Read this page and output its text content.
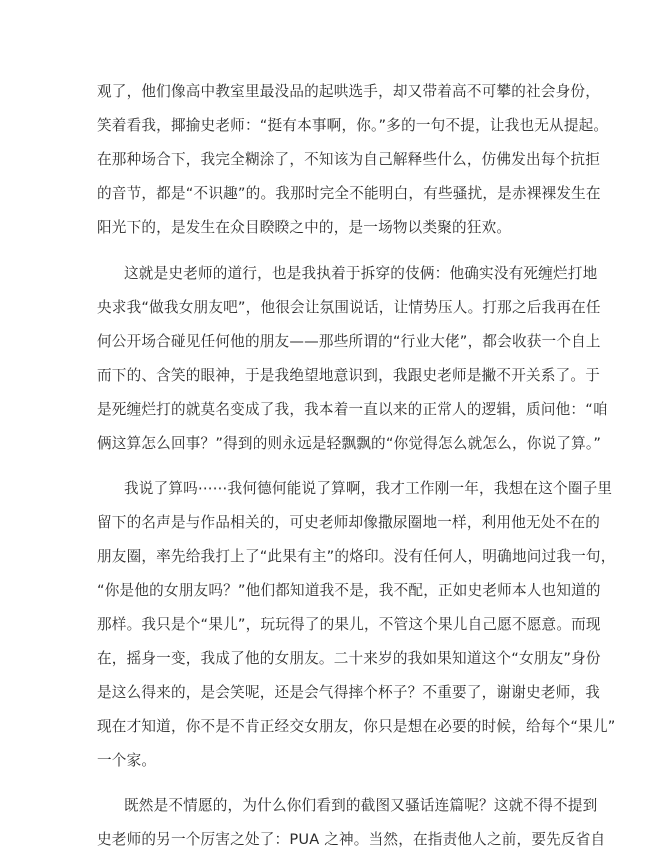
观了，他们像高中教室里最没品的起哄选手，却又带着高不可攀的社会身份，
笑着看我，揶揄史老师：“挺有本事啊，你。”多的一句不提，让我也无从提起。
在那种场合下，我完全糊涂了，不知该为自己解释些什么，仿佛发出每个抗拒
的音节，都是“不识趣”的。我那时完全不能明白，有些骚扰，是赤裸裸发生在
阳光下的，是发生在众目睽睽之中的，是一场物以类聚的狂欢。
这就是史老师的道行，也是我执着于拆穿的伎俩：他确实没有死缠烂打地
央求我“做我女朋友吧”，他很会让氛围说话，让情势压人。打那之后我再在任
何公开场合碰见任何他的朋友——那些所谓的“行业大佬”，都会收获一个自上
而下的、含笑的眼神，于是我绝望地意识到，我跟史老师是撇不开关系了。于
是死缠烂打的就莫名变成了我，我本着一直以来的正常人的逻辑，质问他：“咱
俩这算怎么回事？”得到的则永远是轻飘飘的“你觉得怎么就怎么，你说了算。”
我说了算吗⋯⋯我何德何能说了算啊，我才工作刚一年，我想在这个圈子里
留下的名声是与作品相关的，可史老师却像撒尿圈地一样，利用他无处不在的
朋友圈，率先给我打上了“此果有主”的烙印。没有任何人，明确地问过我一句，
“你是他的女朋友吗？”他们都知道我不是，我不配，正如史老师本人也知道的
那样。我只是个“果儿”，玩玩得了的果儿，不管这个果儿自己愿不愿意。而现
在，摇身一变，我成了他的女朋友。二十来岁的我如果知道这个“女朋友”身份
是这么得来的，是会笑呢，还是会气得摔个杯子？不重要了，谢谢史老师，我
现在才知道，你不是不肯正经交女朋友，你只是想在必要的时候，给每个“果儿”
一个家。
既然是不情愿的，为什么你们看到的截图又骚话连篇呢？这就不得不提到
史老师的另一个厉害之处了：PUA 之神。当然，在指责他人之前，要先反省自
